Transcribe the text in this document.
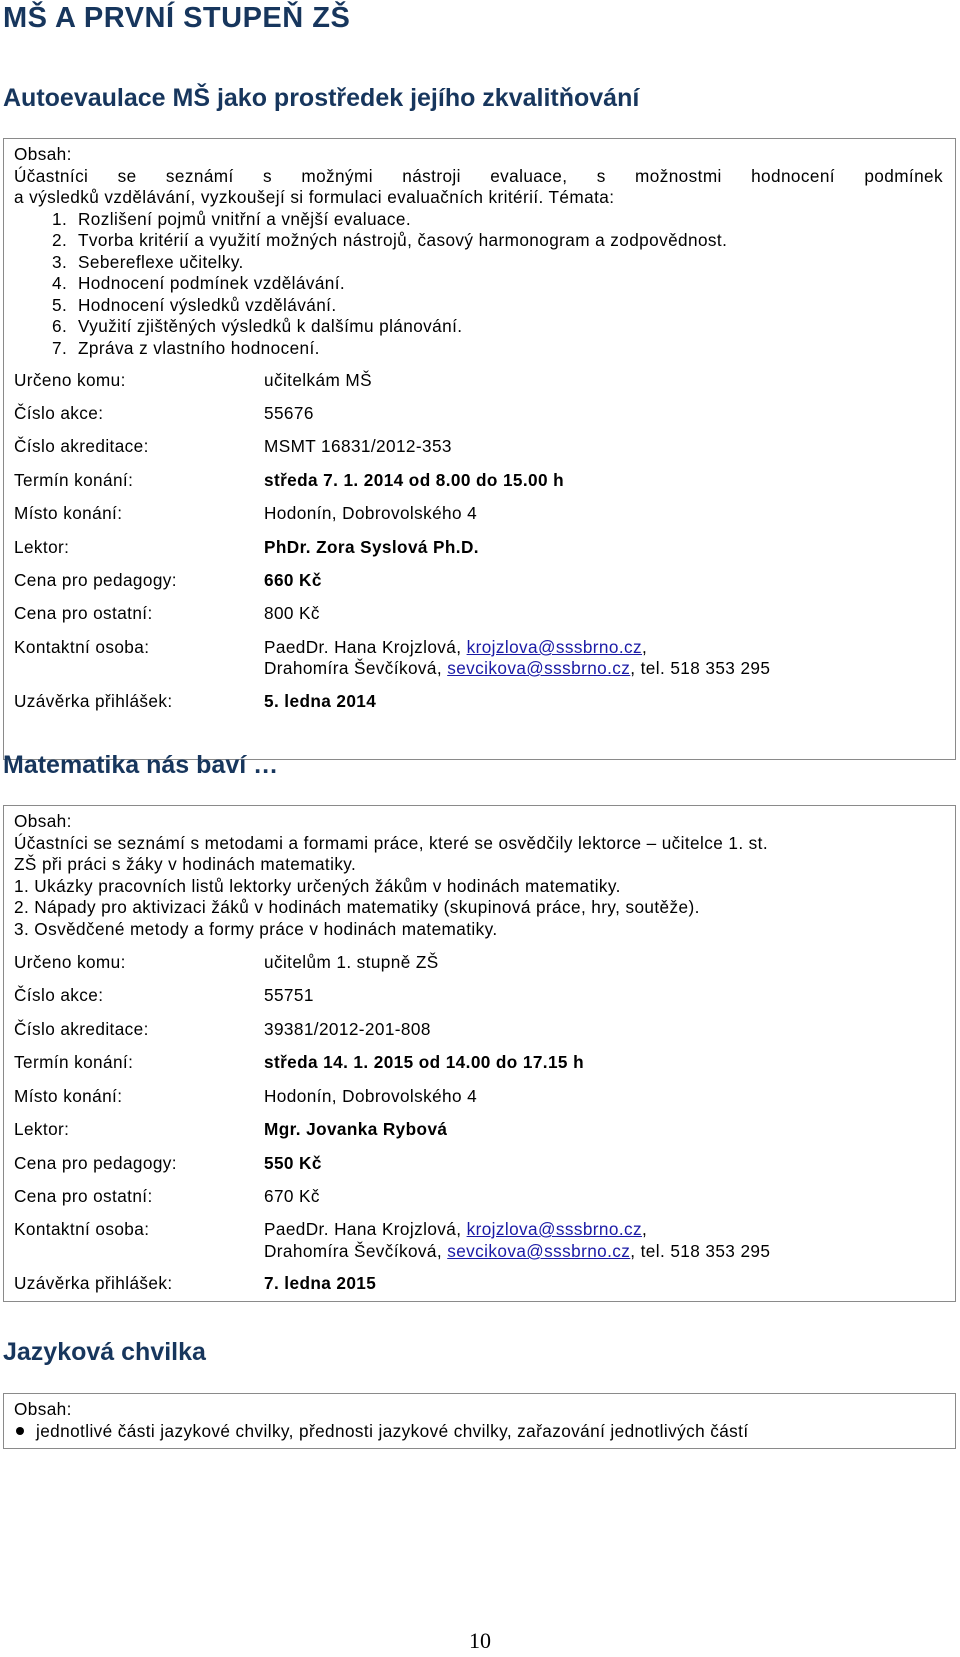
MŠ A PRVNÍ STUPEŇ ZŠ
Autoevaulace MŠ jako prostředek jejího zkvalitňování

Obsah:

Účastníci se seznámí s možnými nástroji evaluace, s možnostmi hodnocení podmínek

a výsledků vzdělávání, vyzkoušejí si formulaci evaluačních kritérií. Témata:

1. Rozlišení pojmů vnitřní a vnější evaluace.
2. Tvorba kritérií a využití možných nástrojů, časový harmonogram a zodpovědnost.
3. Sebereflexe učitelky.
4. Hodnocení podmínek vzdělávání.
5. Hodnocení výsledků vzdělávání.
6. Využití zjištěných výsledků k dalšímu plánování.
7. Zpráva z vlastního hodnocení.
Určeno komu:	učitelkám MŠ
Číslo akce:	55676
Číslo akreditace:	MSMT 16831/2012-353
Termín konání:	středa 7. 1. 2014 od 8.00 do 15.00 h
Místo konání:	Hodonín, Dobrovolského 4
Lektor:	PhDr. Zora Syslová Ph.D.
Cena pro pedagogy:	660 Kč
Cena pro ostatní:	800 Kč
Kontaktní osoba:	PaedDr. Hana Krojzlová, krojzlova@sssbrno.cz,
Drahomíra Ševčíková, sevcikova@sssbrno.cz, tel. 518 353 295
Uzávěrka přihlášek:	5. ledna 2014
Matematika nás baví …

Obsah:

Účastníci se seznámí s metodami a formami práce, které se osvědčily lektorce – učitelce 1. st.

ZŠ při práci s žáky v hodinách matematiky.

1. Ukázky pracovních listů lektorky určených žákům v hodinách matematiky.
2. Nápady pro aktivizaci žáků v hodinách matematiky (skupinová práce, hry, soutěže).
3. Osvědčené metody a formy práce v hodinách matematiky.
Určeno komu:	učitelům 1. stupně ZŠ
Číslo akce:	55751
Číslo akreditace:	39381/2012-201-808
Termín konání:	středa 14. 1. 2015 od 14.00 do 17.15 h
Místo konání:	Hodonín, Dobrovolského 4
Lektor:	Mgr. Jovanka Rybová
Cena pro pedagogy:	550 Kč
Cena pro ostatní:	670 Kč
Kontaktní osoba:	PaedDr. Hana Krojzlová, krojzlova@sssbrno.cz,
Drahomíra Ševčíková, sevcikova@sssbrno.cz, tel. 518 353 295
Uzávěrka přihlášek:	7. ledna 2015
Jazyková chvilka

Obsah:

jednotlivé části jazykové chvilky, přednosti jazykové chvilky, zařazování jednotlivých částí

10
